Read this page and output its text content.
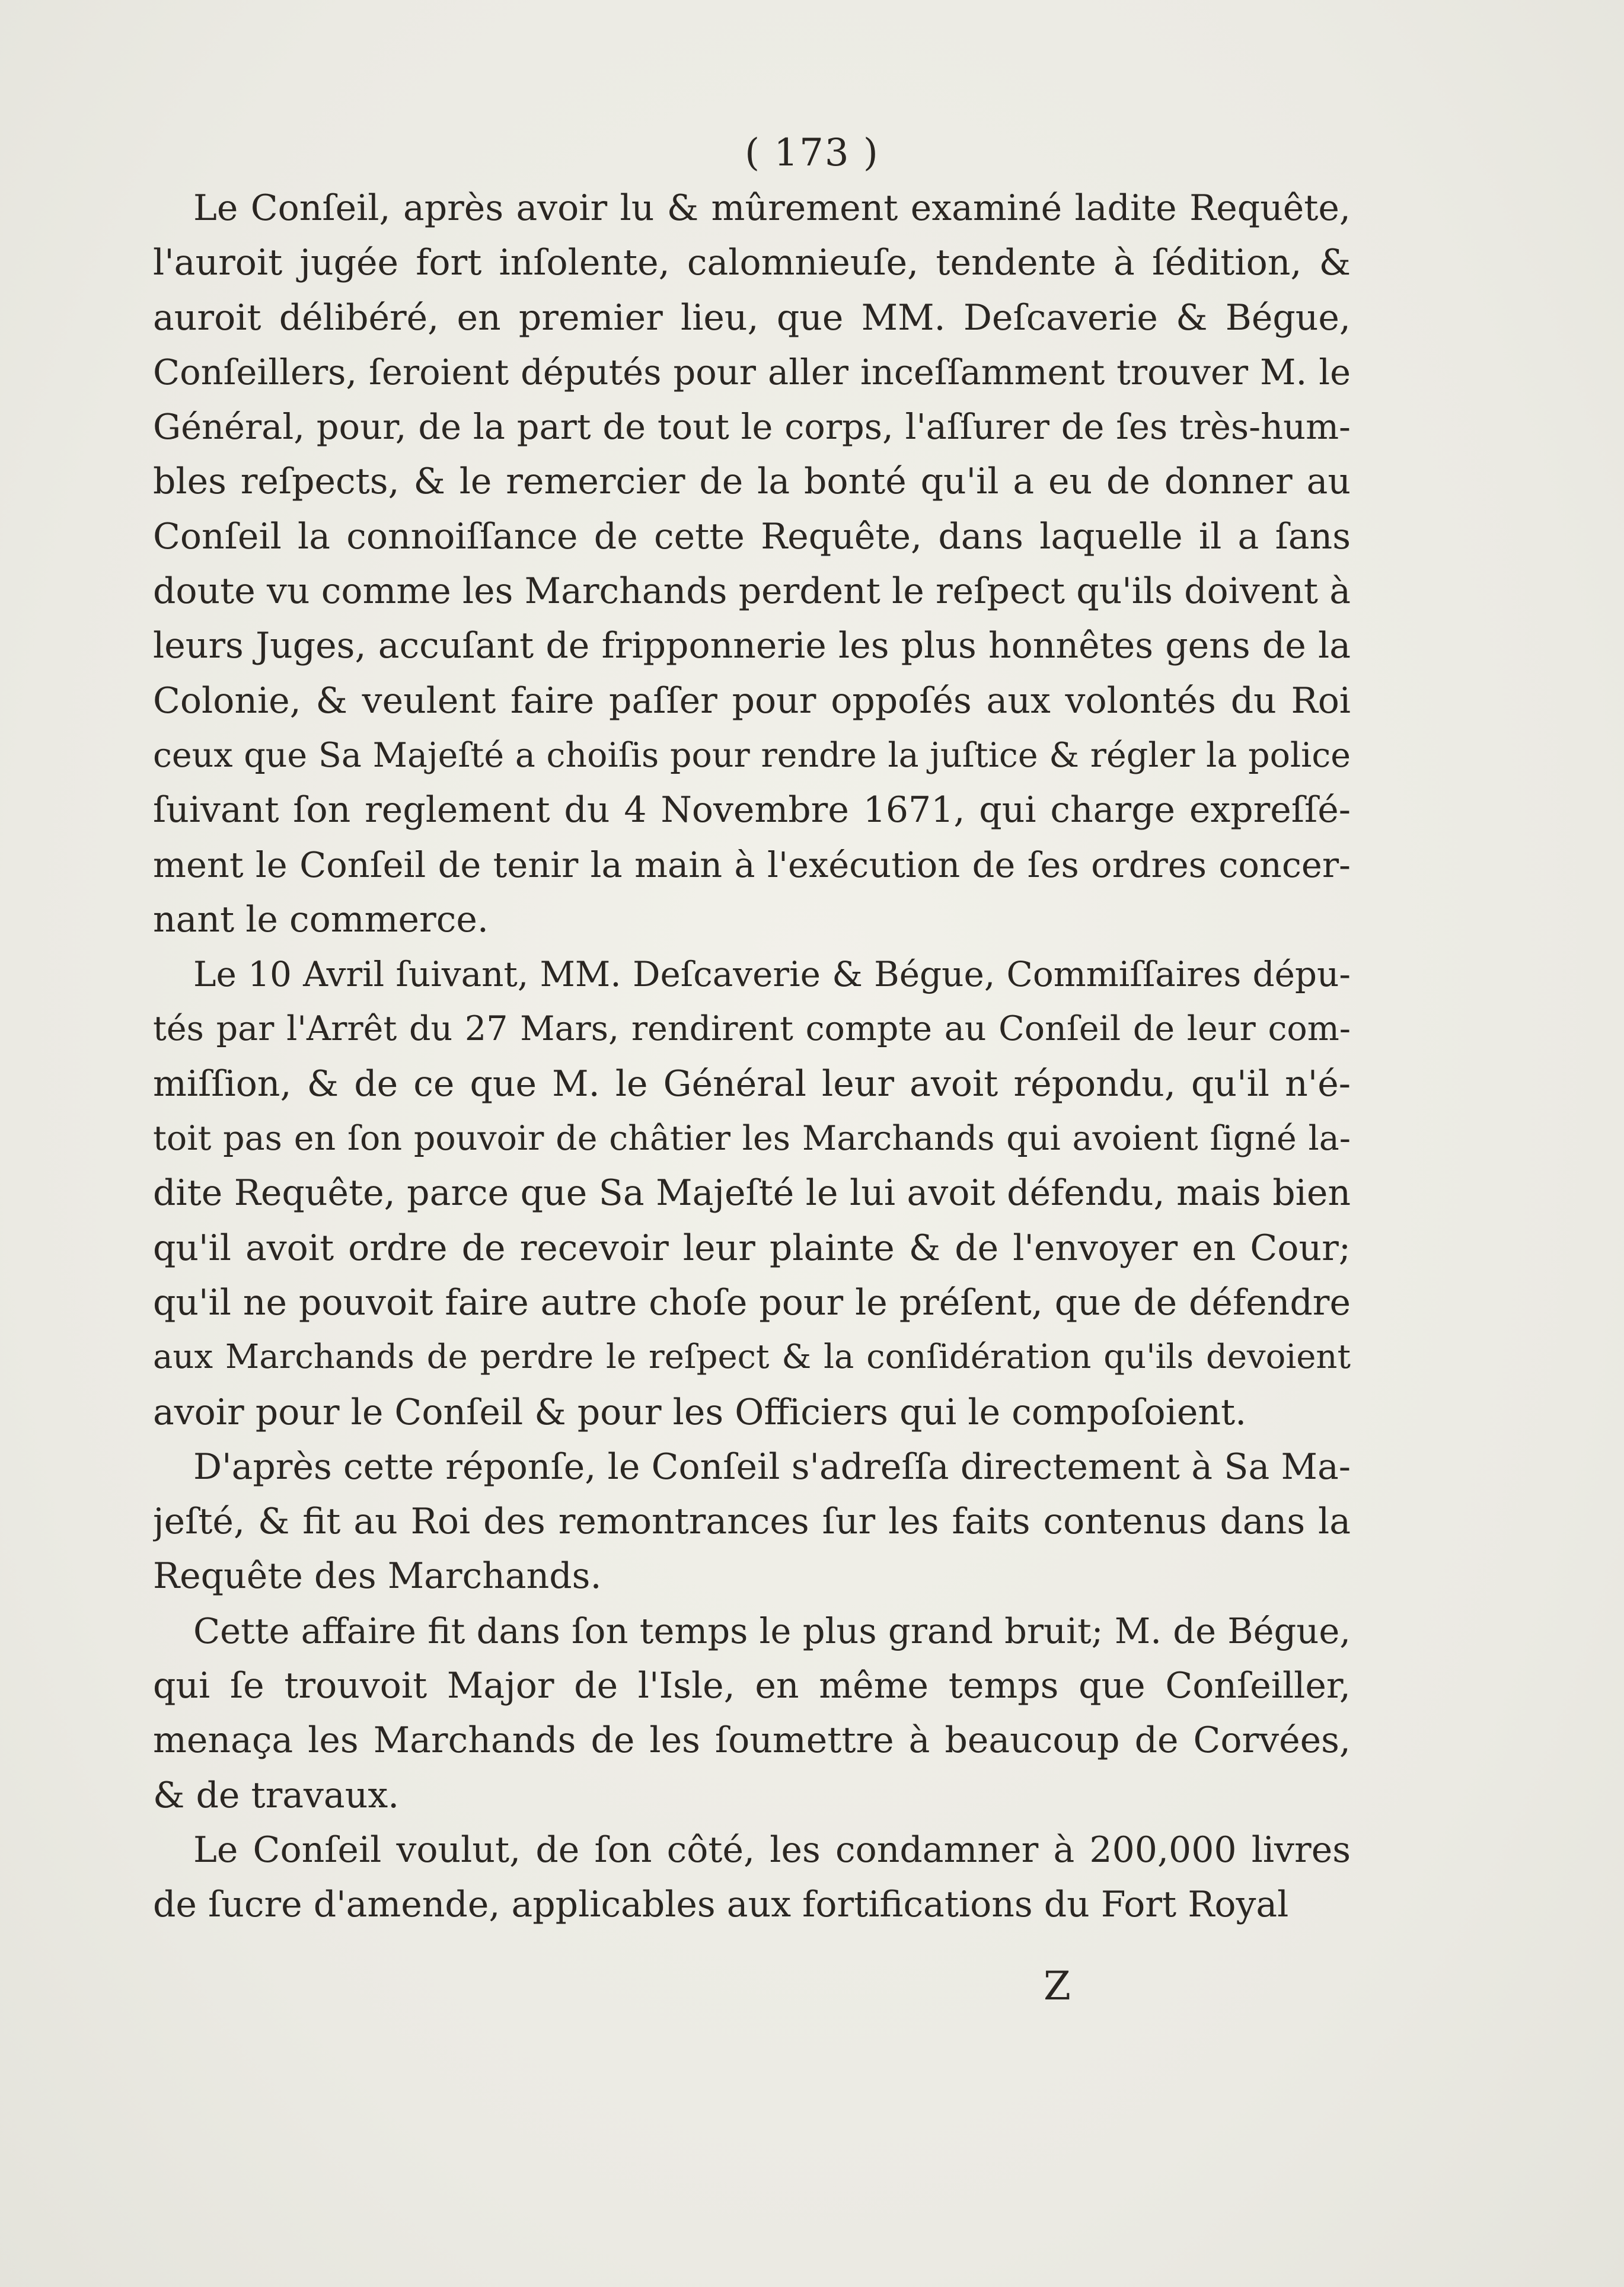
( 173 )
Le Conſeil, après avoir lu & mûrement examiné ladite Requête,
l'auroit jugée fort inſolente, calomnieuſe, tendente à ſédition, &
auroit délibéré, en premier lieu, que MM. Deſcaverie & Bégue,
Conſeillers, ſeroient députés pour aller inceſſamment trouver M. le
Général, pour, de la part de tout le corps, l'aſſurer de ſes très-hum-
bles reſpects, & le remercier de la bonté qu'il a eu de donner au
Conſeil la connoiſſance de cette Requête, dans laquelle il a ſans
doute vu comme les Marchands perdent le reſpect qu'ils doivent à
leurs Juges, accuſant de fripponnerie les plus honnêtes gens de la
Colonie, & veulent faire paſſer pour oppoſés aux volontés du Roi
ceux que Sa Majeſté a choiſis pour rendre la juſtice & régler la police
ſuivant ſon reglement du 4 Novembre 1671, qui charge expreſſé-
ment le Conſeil de tenir la main à l'exécution de ſes ordres concer-
nant le commerce.
Le 10 Avril ſuivant, MM. Deſcaverie & Bégue, Commiſſaires dépu-
tés par l'Arrêt du 27 Mars, rendirent compte au Conſeil de leur com-
miſſion, & de ce que M. le Général leur avoit répondu, qu'il n'é-
toit pas en ſon pouvoir de châtier les Marchands qui avoient ſigné la-
dite Requête, parce que Sa Majeſté le lui avoit défendu, mais bien
qu'il avoit ordre de recevoir leur plainte & de l'envoyer en Cour;
qu'il ne pouvoit faire autre choſe pour le préſent, que de défendre
aux Marchands de perdre le reſpect & la conſidération qu'ils devoient
avoir pour le Conſeil & pour les Officiers qui le compoſoient.
D'après cette réponſe, le Conſeil s'adreſſa directement à Sa Ma-
jeſté, & fit au Roi des remontrances ſur les faits contenus dans la
Requête des Marchands.
Cette affaire fit dans ſon temps le plus grand bruit; M. de Bégue,
qui ſe trouvoit Major de l'Isle, en même temps que Conſeiller,
menaça les Marchands de les ſoumettre à beaucoup de Corvées,
& de travaux.
Le Conſeil voulut, de ſon côté, les condamner à 200,000 livres
de ſucre d'amende, applicables aux fortifications du Fort Royal
Z
